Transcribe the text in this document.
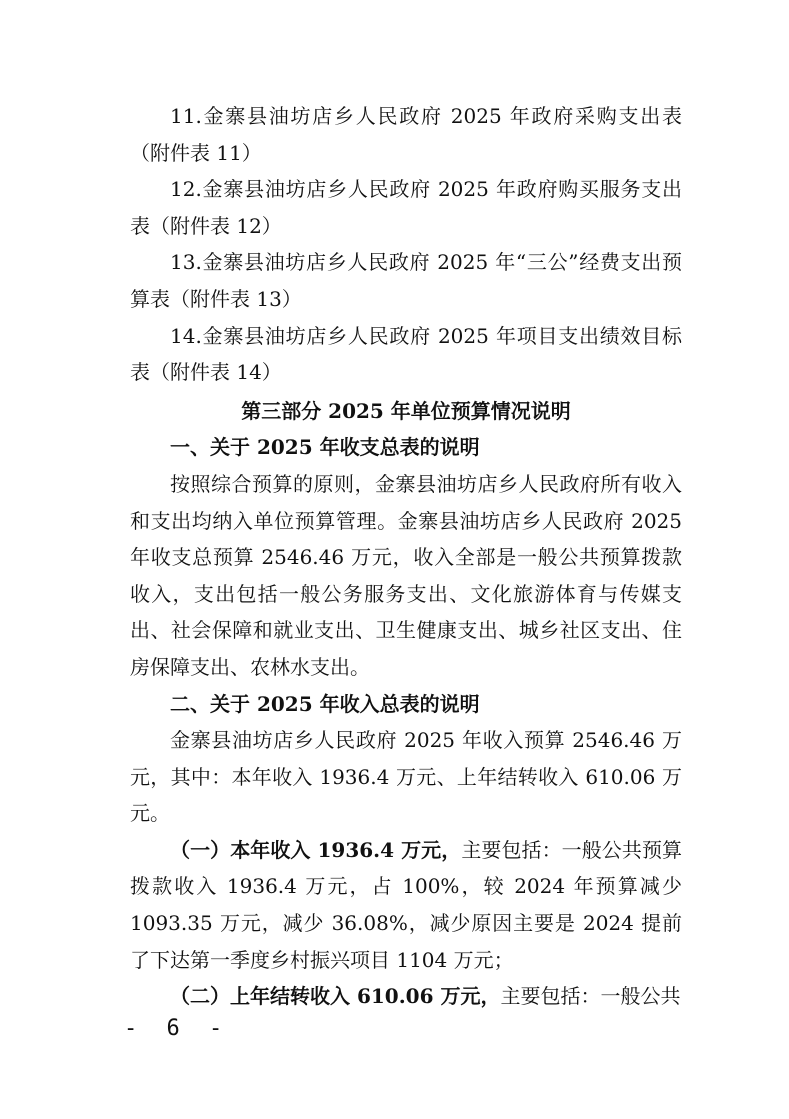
11.金寨县油坊店乡人民政府 2025 年政府采购支出表（附件表 11）

12.金寨县油坊店乡人民政府 2025 年政府购买服务支出表（附件表 12）

13.金寨县油坊店乡人民政府 2025 年“三公”经费支出预算表（附件表 13）

14.金寨县油坊店乡人民政府 2025 年项目支出绩效目标表（附件表 14）

第三部分 2025 年单位预算情况说明

一、关于 2025 年收支总表的说明

按照综合预算的原则，金寨县油坊店乡人民政府所有收入和支出均纳入单位预算管理。金寨县油坊店乡人民政府 2025 年收支总预算 2546.46 万元，收入全部是一般公共预算拨款收入，支出包括一般公务服务支出、文化旅游体育与传媒支出、社会保障和就业支出、卫生健康支出、城乡社区支出、住房保障支出、农林水支出。

二、关于 2025 年收入总表的说明

金寨县油坊店乡人民政府 2025 年收入预算 2546.46 万元，其中：本年收入 1936.4 万元、上年结转收入 610.06 万元。

（一）本年收入 1936.4 万元，主要包括：一般公共预算拨款收入 1936.4 万元，占 100%，较 2024 年预算减少 1093.35 万元，减少 36.08%，减少原因主要是 2024 提前了下达第一季度乡村振兴项目 1104 万元；

（二）上年结转收入 610.06 万元，主要包括：一般公共

- 6 -
